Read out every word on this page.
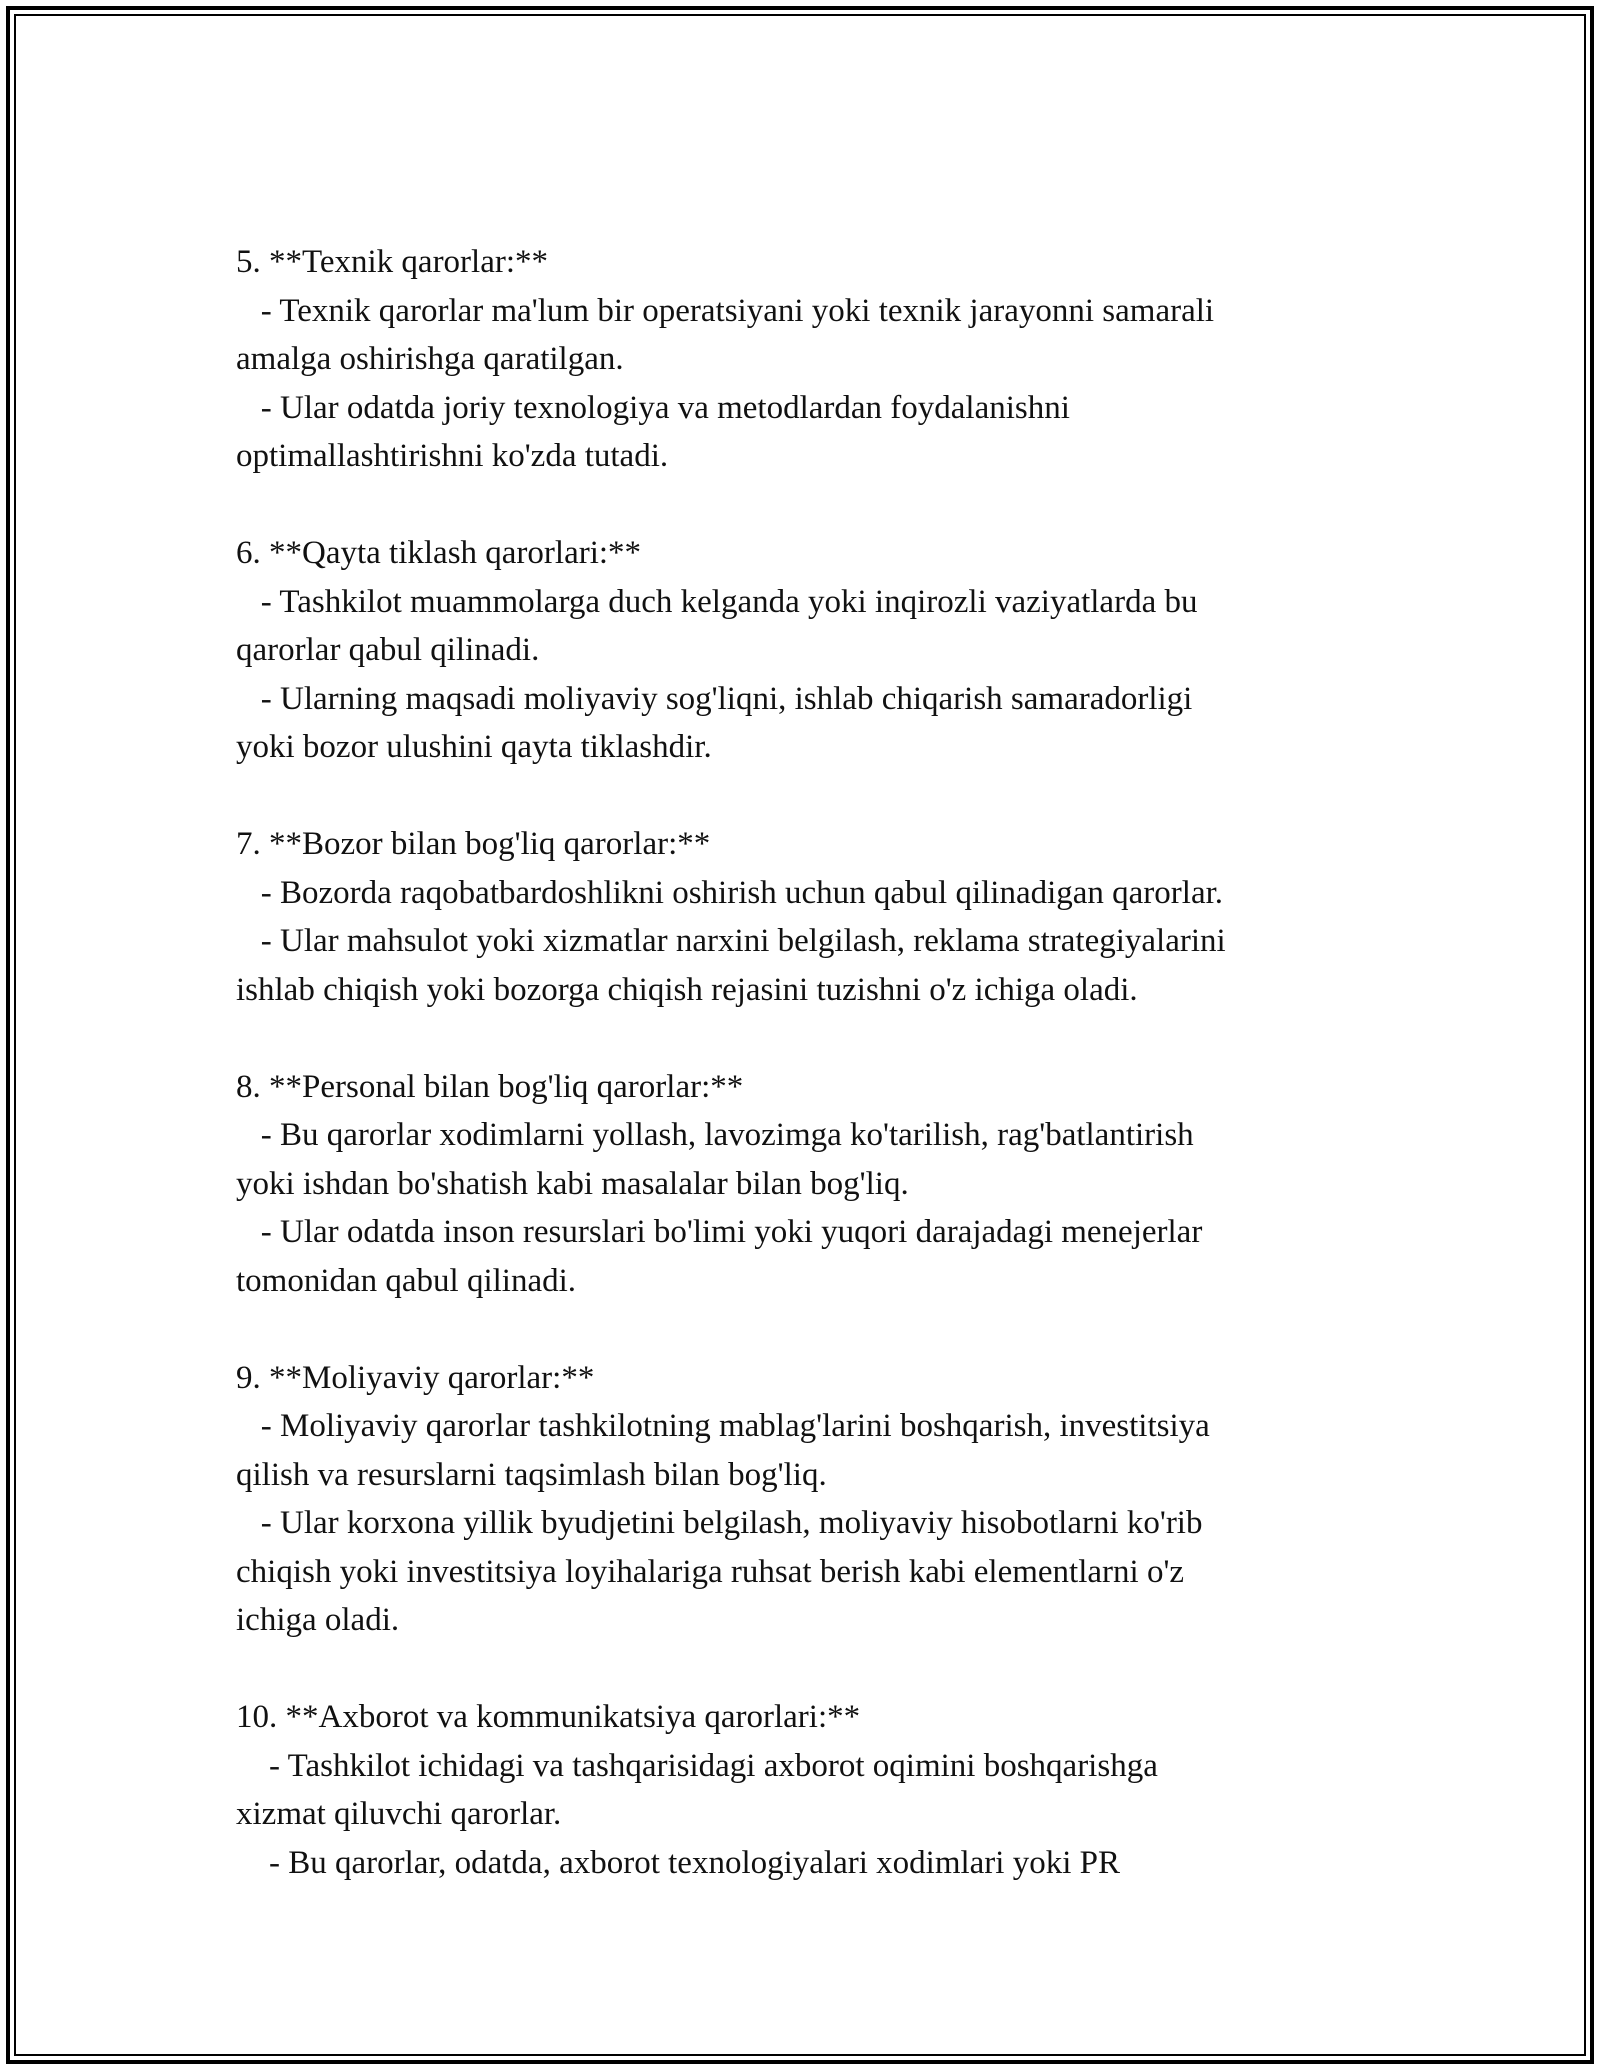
5. **Texnik qarorlar:**
- Texnik qarorlar ma'lum bir operatsiyani yoki texnik jarayonni samarali
amalga oshirishga qaratilgan.
- Ular odatda joriy texnologiya va metodlardan foydalanishni
optimallashtirishni ko'zda tutadi.
6. **Qayta tiklash qarorlari:**
- Tashkilot muammolarga duch kelganda yoki inqirozli vaziyatlarda bu
qarorlar qabul qilinadi.
- Ularning maqsadi moliyaviy sog'liqni, ishlab chiqarish samaradorligi
yoki bozor ulushini qayta tiklashdir.
7. **Bozor bilan bog'liq qarorlar:**
- Bozorda raqobatbardoshlikni oshirish uchun qabul qilinadigan qarorlar.
- Ular mahsulot yoki xizmatlar narxini belgilash, reklama strategiyalarini
ishlab chiqish yoki bozorga chiqish rejasini tuzishni o'z ichiga oladi.
8. **Personal bilan bog'liq qarorlar:**
- Bu qarorlar xodimlarni yollash, lavozimga ko'tarilish, rag'batlantirish
yoki ishdan bo'shatish kabi masalalar bilan bog'liq.
- Ular odatda inson resurslari bo'limi yoki yuqori darajadagi menejerlar
tomonidan qabul qilinadi.
9. **Moliyaviy qarorlar:**
- Moliyaviy qarorlar tashkilotning mablag'larini boshqarish, investitsiya
qilish va resurslarni taqsimlash bilan bog'liq.
- Ular korxona yillik byudjetini belgilash, moliyaviy hisobotlarni ko'rib
chiqish yoki investitsiya loyihalariga ruhsat berish kabi elementlarni o'z
ichiga oladi.
10. **Axborot va kommunikatsiya qarorlari:**
- Tashkilot ichidagi va tashqarisidagi axborot oqimini boshqarishga
xizmat qiluvchi qarorlar.
- Bu qarorlar, odatda, axborot texnologiyalari xodimlari yoki PR
